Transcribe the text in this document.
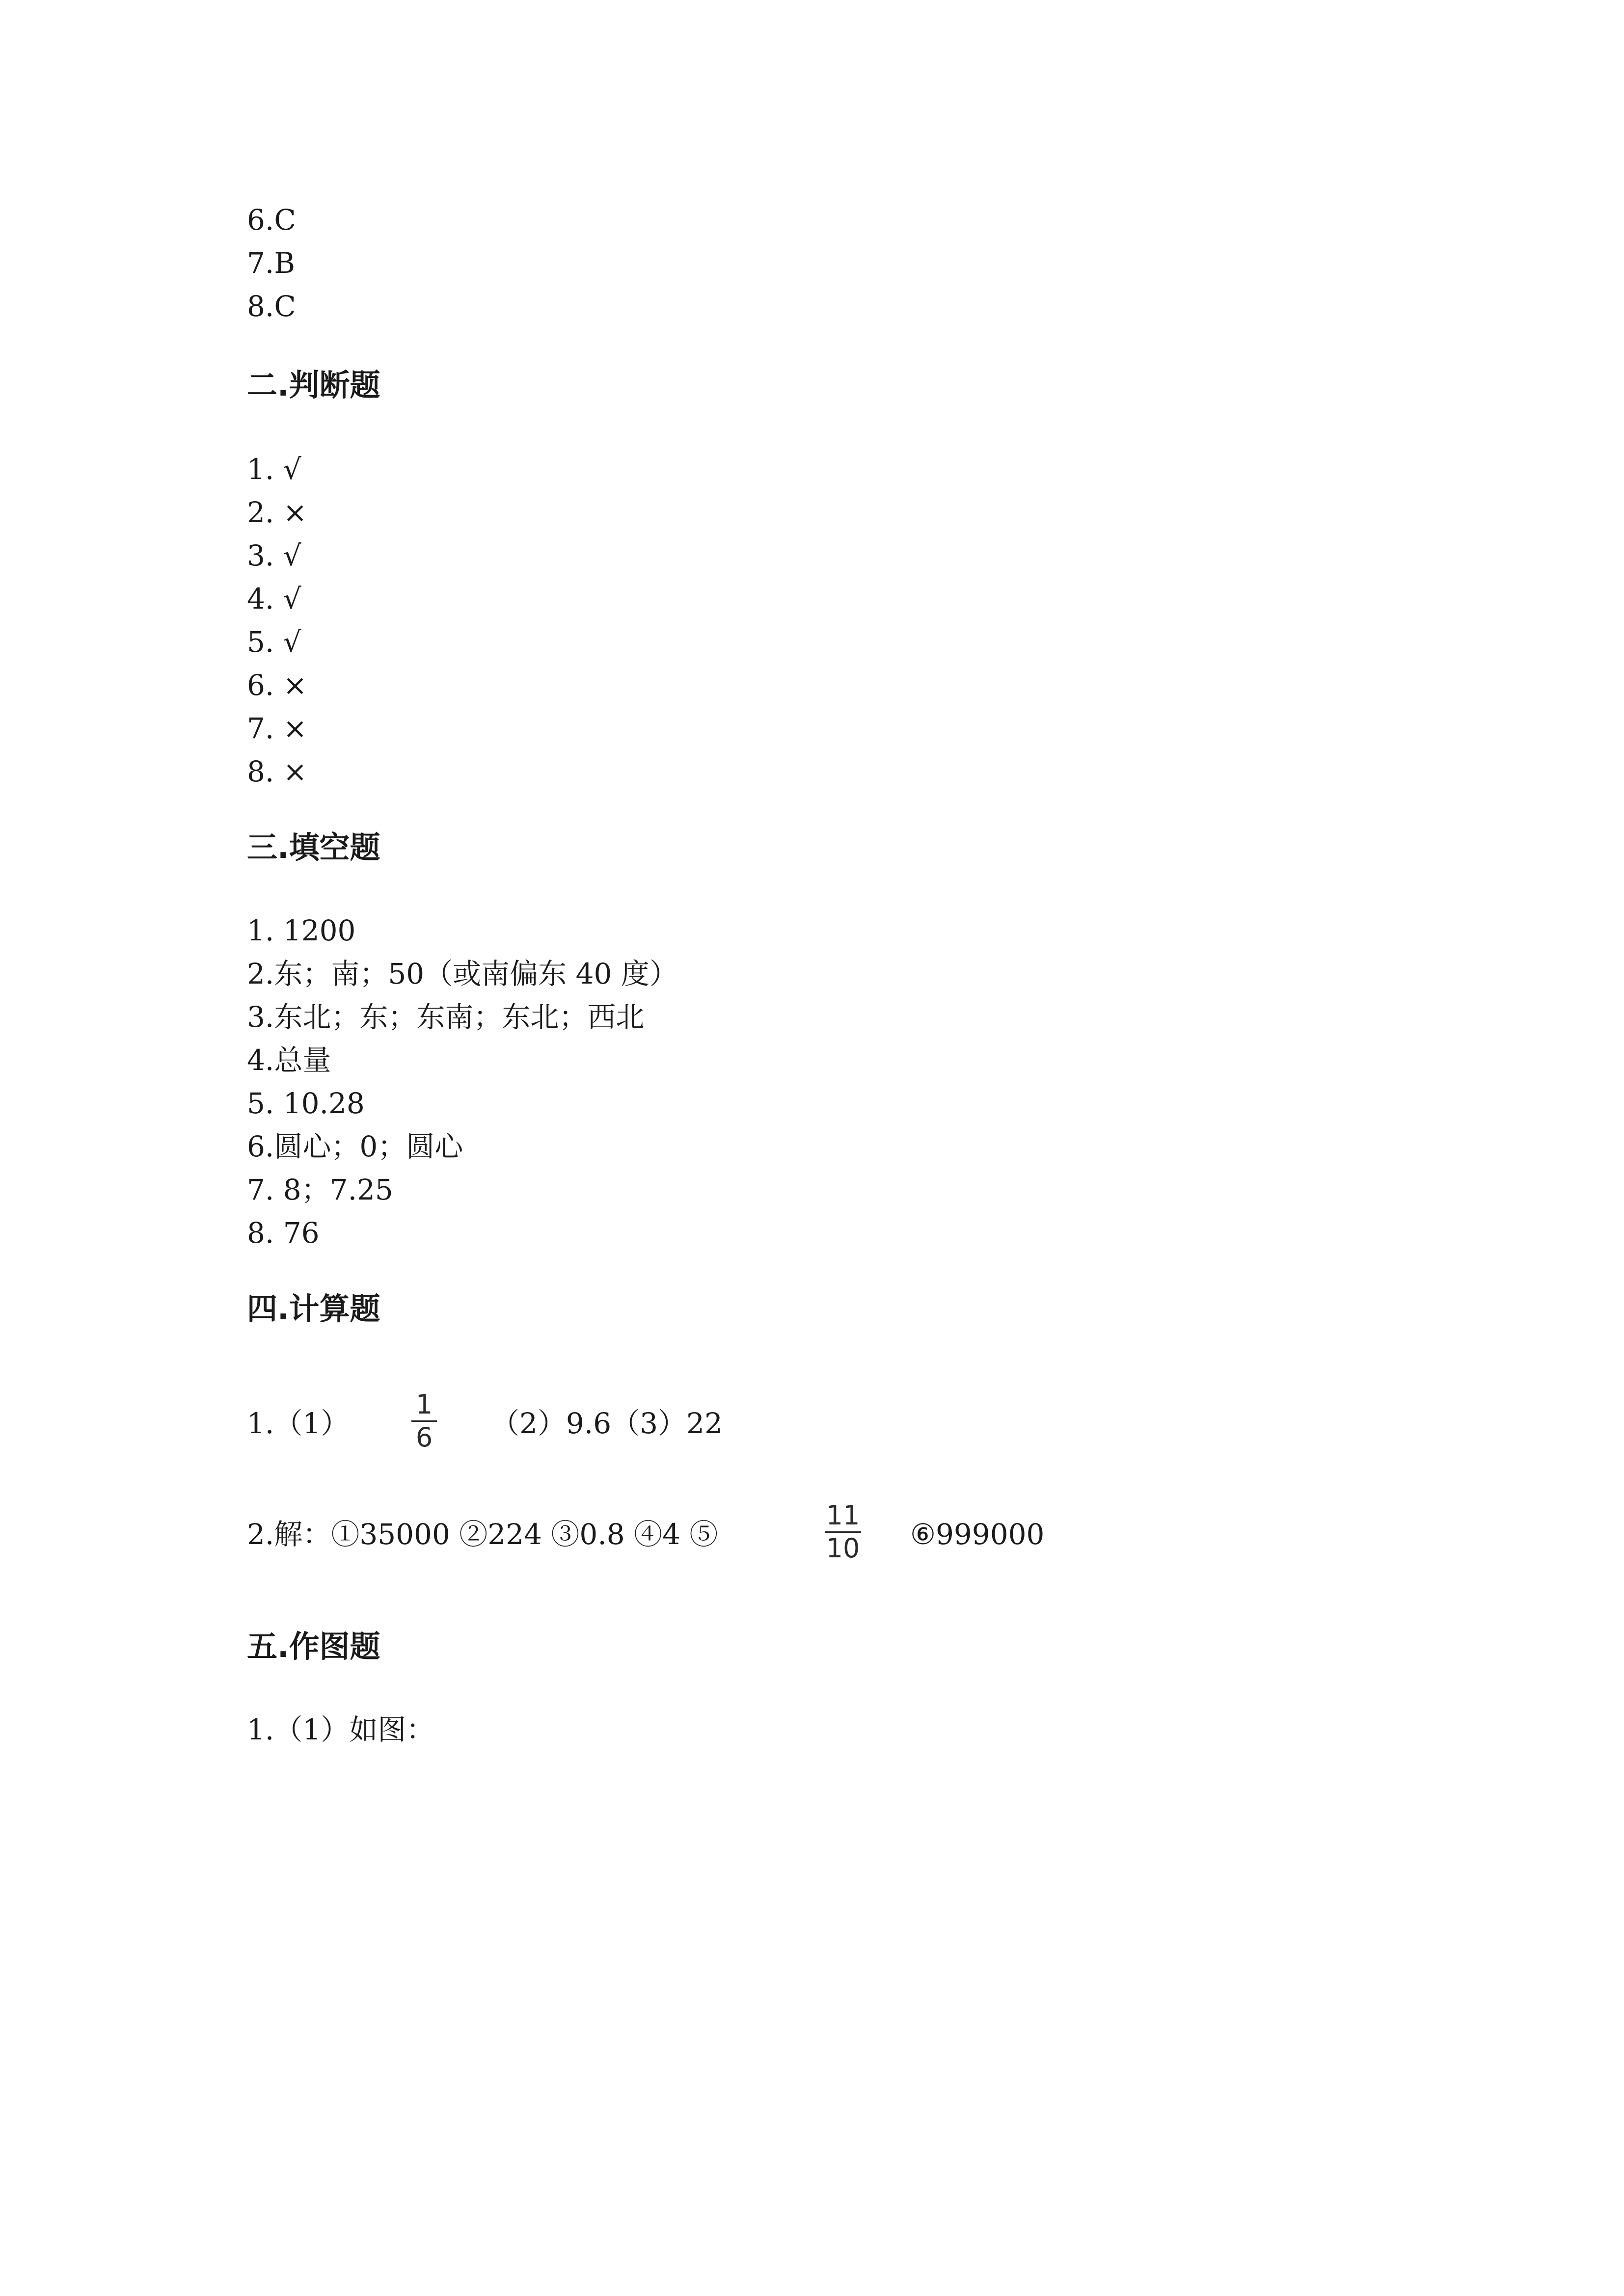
6.C
7.B
8.C
二.判断题
1. √
2. ×
3. √
4. √
5. √
6. ×
7. ×
8. ×
三.填空题
1. 1200
2.东；南；50（或南偏东 40 度）
3.东北；东；东南；东北；西北
4.总量
5. 10.28
6.圆心；0；圆心
7. 8；7.25
8. 76
四.计算题
1.（1）
1
6 （2）9.6（3）22
2.解：①35000 ②224 ③0.8 ④4 ⑤
11
10 ⑥999000
五.作图题
1.（1）如图：
